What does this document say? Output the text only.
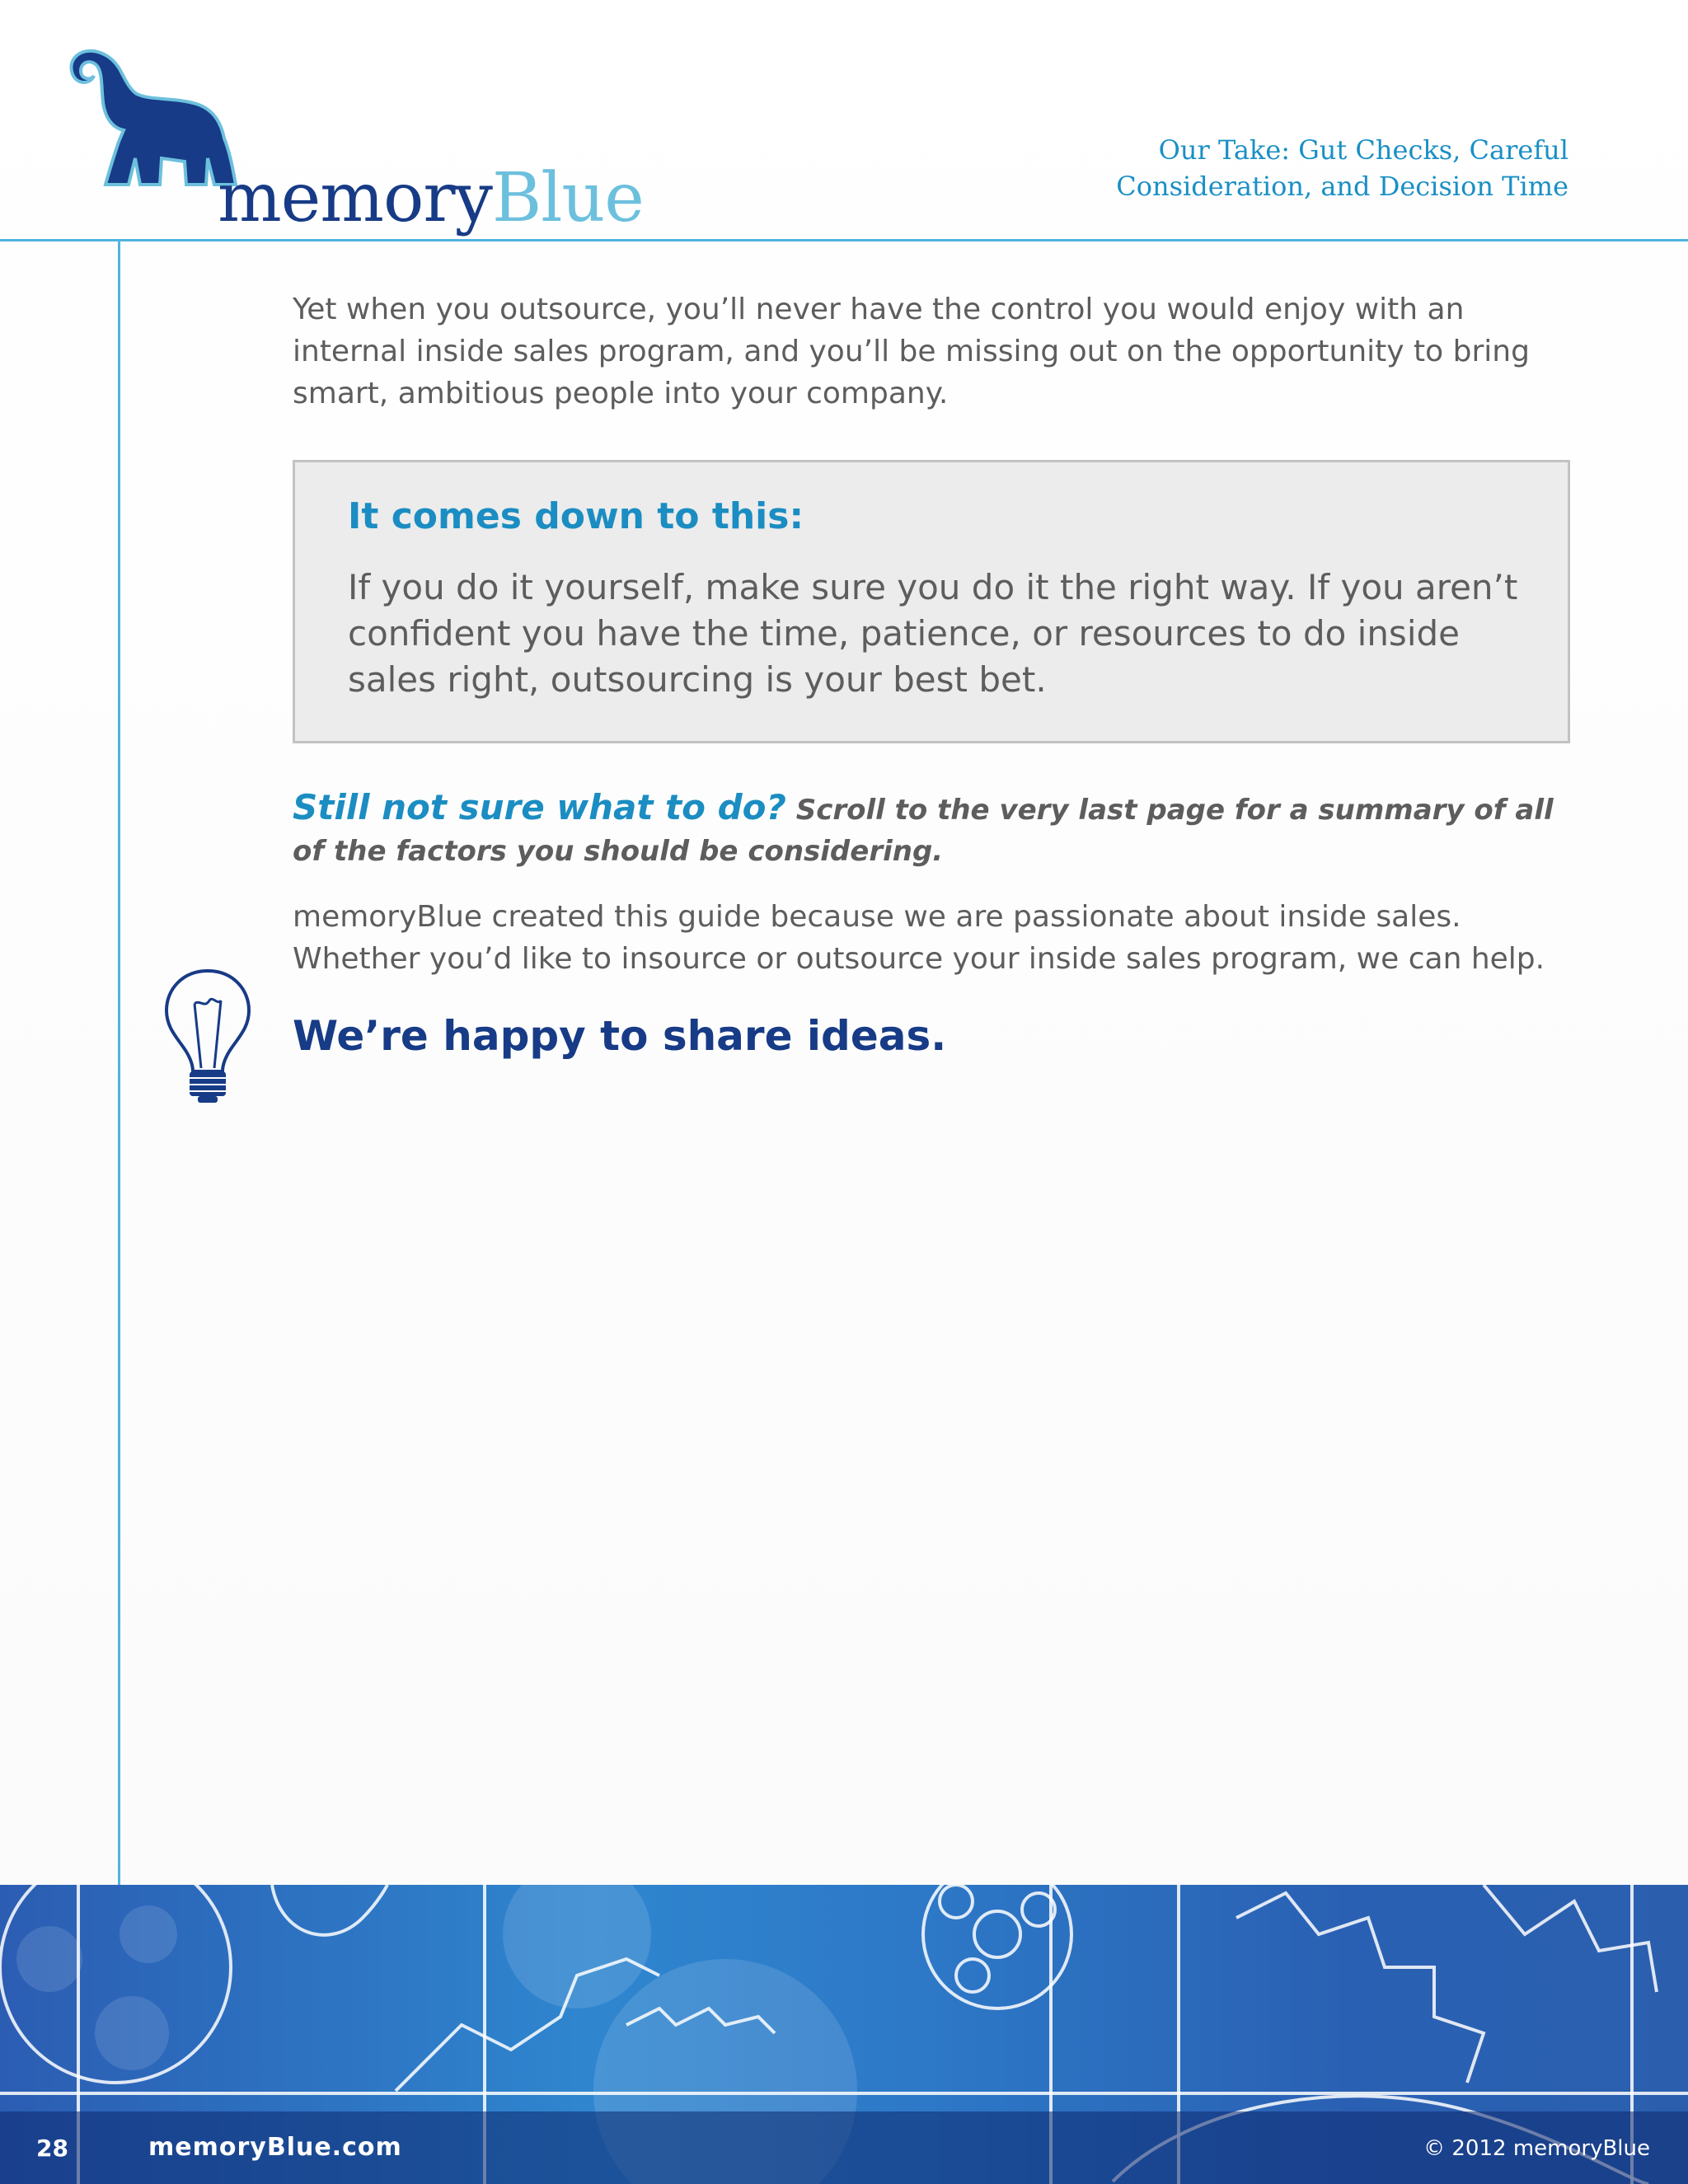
memoryBlue
Our Take: Gut Checks, Careful
Consideration, and Decision Time

Yet when you outsource, you’ll never have the control you would enjoy with an internal inside sales program, and you’ll be missing out on the opportunity to bring smart, ambitious people into your company.

It comes down to this:
If you do it yourself, make sure you do it the right way. If you aren’t confident you have the time, patience, or resources to do inside sales right, outsourcing is your best bet.

Still not sure what to do? Scroll to the very last page for a summary of all of the factors you should be considering.

memoryBlue created this guide because we are passionate about inside sales. Whether you’d like to insource or outsource your inside sales program, we can help.

We’re happy to share ideas.
28	memoryBlue.com	© 2012 memoryBlue
